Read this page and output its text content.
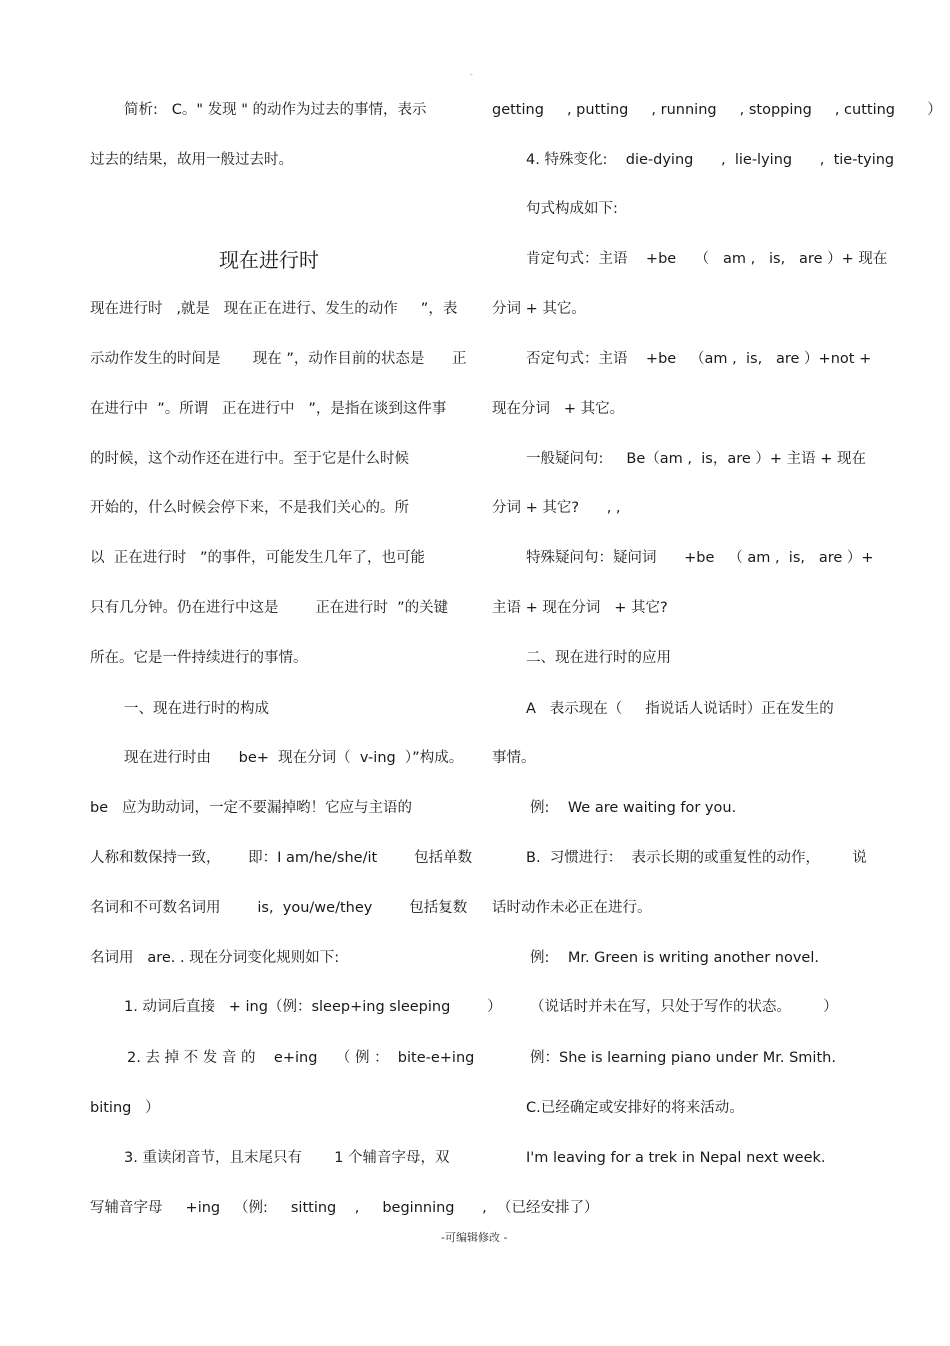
-
简析:   C。" 发现 " 的动作为过去的事情，表示
过去的结果，故用一般过去时。
现在进行时
现在进行时   ,就是   现在正在进行、发生的动作     ”，表
示动作发生的时间是       现在 ”，动作目前的状态是      正
在进行中  ”。所谓   正在进行中   ”，是指在谈到这件事
的时候，这个动作还在进行中。至于它是什么时候
开始的，什么时候会停下来，不是我们关心的。所
以  正在进行时   ”的事件，可能发生几年了，也可能
只有几分钟。仍在进行中这是        正在进行时  ”的关键
所在。它是一件持续进行的事情。
一、现在进行时的构成
现在进行时由      be+  现在分词（  v-ing  ）”构成。
be   应为助动词，一定不要漏掉哟！它应与主语的
人称和数保持一致，      即：I am/he/she/it        包括单数
名词和不可数名词用        is,  you/we/they        包括复数
名词用   are. . 现在分词变化规则如下:
1. 动词后直接   + ing（例：sleep+ing sleeping        ）
2. 去 掉 不 发 音 的    e+ing    （ 例 ：  bite-e+ing
biting   ）
3. 重读闭音节，且末尾只有       1 个辅音字母，双
写辅音字母     +ing   （例:     sitting    ,     beginning      ,
getting     , putting     , running     , stopping     , cutting       ）
4. 特殊变化:    die-dying      ,  lie-lying      ,  tie-tying
句式构成如下:
肯定句式：主语    +be    （   am ,   is,   are ）+ 现在
分词 + 其它。
否定句式：主语    +be   （am ,  is,   are ）+not +
现在分词   + 其它。
一般疑问句:     Be（am ,  is，are ）+ 主语 + 现在
分词 + 其它?      , ,
特殊疑问句：疑问词      +be   （ am ,  is,   are ）+
主语 + 现在分词   + 其它?
二、现在进行时的应用
A   表示现在（     指说话人说话时）正在发生的
事情。
例:    We are waiting for you.
B.  习惯进行：  表示长期的或重复性的动作，       说
话时动作未必正在进行。
例:    Mr. Green is writing another novel.
（说话时并未在写，只处于写作的状态。       ）
例：She is learning piano under Mr. Smith.
C.已经确定或安排好的将来活动。
I'm leaving for a trek in Nepal next week.
（已经安排了）
-可编辑修改 -
